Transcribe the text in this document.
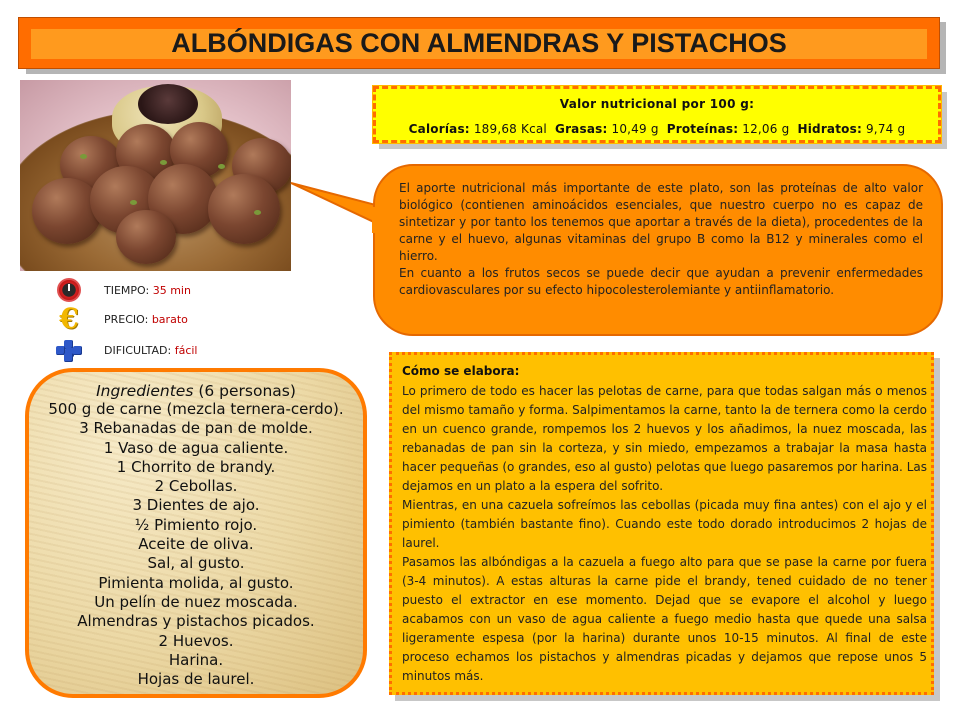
ALBÓNDIGAS CON ALMENDRAS Y PISTACHOS
TIEMPO:
35 min
€ PRECIO:
barato
DIFICULTAD:
fácil
Valor nutricional por 100 g:
Calorías: 189,68 Kcal Grasas: 10,49 g Proteínas: 12,06 g Hidratos: 9,74 g

El aporte nutricional más importante de este plato, son las proteínas de alto valor biológico (contienen aminoácidos esenciales, que nuestro cuerpo no es capaz de sintetizar y por tanto los tenemos que aportar a través de la dieta), procedentes de la carne y el huevo, algunas vitaminas del grupo B como la B12 y minerales como el hierro.

En cuanto a los frutos secos se puede decir que ayudan a prevenir enfermedades cardiovasculares por su efecto hipocolesterolemiante y antiinflamatorio.

Ingredientes (6 personas)
500 g de carne (mezcla ternera-cerdo).
3 Rebanadas de pan de molde.
1 Vaso de agua caliente.
1 Chorrito de brandy.
2 Cebollas.
3 Dientes de ajo.
½ Pimiento rojo.
Aceite de oliva.
Sal, al gusto.
Pimienta molida, al gusto.
Un pelín de nuez moscada.
Almendras y pistachos picados.
2 Huevos.
Harina.
Hojas de laurel.
Cómo se elabora:

Lo primero de todo es hacer las pelotas de carne, para que todas salgan más o menos del mismo tamaño y forma. Salpimentamos la carne, tanto la de ternera como la cerdo en un cuenco grande, rompemos los 2 huevos y los añadimos, la nuez moscada, las rebanadas de pan sin la corteza, y sin miedo, empezamos a trabajar la masa hasta hacer pequeñas (o grandes, eso al gusto) pelotas que luego pasaremos por harina. Las dejamos en un plato a la espera del sofrito.

Mientras, en una cazuela sofreímos las cebollas (picada muy fina antes) con el ajo y el pimiento (también bastante fino). Cuando este todo dorado introducimos 2 hojas de laurel.

Pasamos las albóndigas a la cazuela a fuego alto para que se pase la carne por fuera (3-4 minutos). A estas alturas la carne pide el brandy, tened cuidado de no tener puesto el extractor en ese momento. Dejad que se evapore el alcohol y luego acabamos con un vaso de agua caliente a fuego medio hasta que quede una salsa ligeramente espesa (por la harina) durante unos 10-15 minutos. Al final de este proceso echamos los pistachos y almendras picadas y dejamos que repose unos 5 minutos más.
